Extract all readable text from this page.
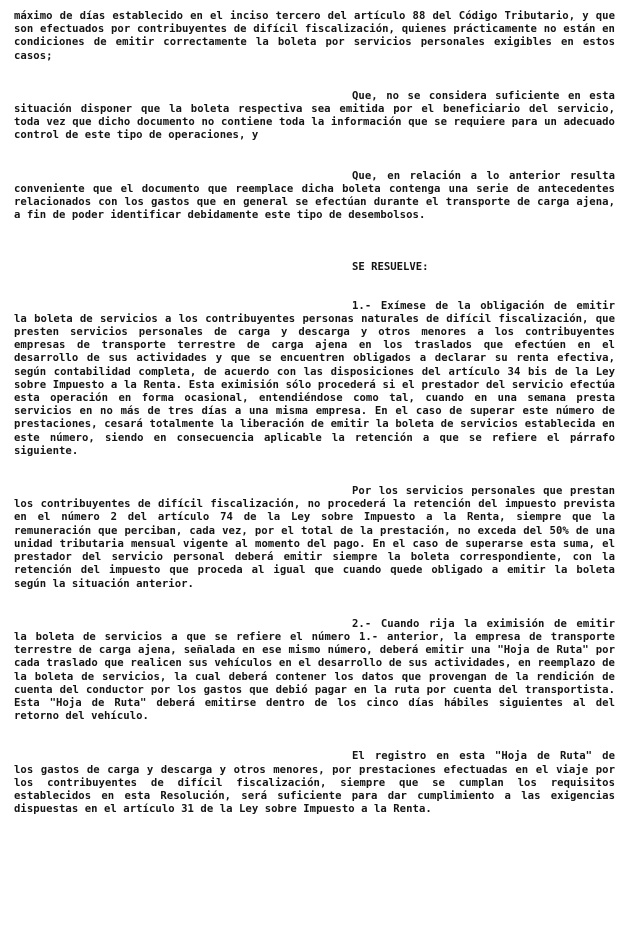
máximo de días establecido en el inciso tercero del artículo 88 del Código Tributario, y que son efectuados por contribuyentes de difícil fiscalización, quienes prácticamente no están en condiciones de emitir correctamente la boleta por servicios personales exigibles en estos casos;

Que, no se considera suficiente en esta situación disponer que la boleta respectiva sea emitida por el beneficiario del servicio, toda vez que dicho documento no contiene toda la información que se requiere para un adecuado control de este tipo de operaciones, y

Que, en relación a lo anterior resulta conveniente que el documento que reemplace dicha boleta contenga una serie de antecedentes relacionados con los gastos que en general se efectúan durante el transporte de carga ajena, a fin de poder identificar debidamente este tipo de desembolsos.

SE RESUELVE:

1.- Exímese de la obligación de emitir la boleta de servicios a los contribuyentes personas naturales de difícil fiscalización, que presten servicios personales de carga y descarga y otros menores a los contribuyentes empresas de transporte terrestre de carga ajena en los traslados que efectúen en el desarrollo de sus actividades y que se encuentren obligados a declarar su renta efectiva, según contabilidad completa, de acuerdo con las disposiciones del artículo 34 bis de la Ley sobre Impuesto a la Renta. Esta eximisión sólo procederá si el prestador del servicio efectúa esta operación en forma ocasional, entendiéndose como tal, cuando en una semana presta servicios en no más de tres días a una misma empresa. En el caso de superar este número de prestaciones, cesará totalmente la liberación de emitir la boleta de servicios establecida en este número, siendo en consecuencia aplicable la retención a que se refiere el párrafo siguiente.

Por los servicios personales que prestan los contribuyentes de difícil fiscalización, no procederá la retención del impuesto prevista en el número 2 del artículo 74 de la Ley sobre Impuesto a la Renta, siempre que la remuneración que perciban, cada vez, por el total de la prestación, no exceda del 50% de una unidad tributaria mensual vigente al momento del pago. En el caso de superarse esta suma, el prestador del servicio personal deberá emitir siempre la boleta correspondiente, con la retención del impuesto que proceda al igual que cuando quede obligado a emitir la boleta según la situación anterior.

2.- Cuando rija la eximisión de emitir la boleta de servicios a que se refiere el número 1.- anterior, la empresa de transporte terrestre de carga ajena, señalada en ese mismo número, deberá emitir una "Hoja de Ruta" por cada traslado que realicen sus vehículos en el desarrollo de sus actividades, en reemplazo de la boleta de servicios, la cual deberá contener los datos que provengan de la rendición de cuenta del conductor por los gastos que debió pagar en la ruta por cuenta del transportista. Esta "Hoja de Ruta" deberá emitirse dentro de los cinco días hábiles siguientes al del retorno del vehículo.

El registro en esta "Hoja de Ruta" de los gastos de carga y descarga y otros menores, por prestaciones efectuadas en el viaje por los contribuyentes de difícil fiscalización, siempre que se cumplan los requisitos establecidos en esta Resolución, será suficiente para dar cumplimiento a las exigencias dispuestas en el artículo 31 de la Ley sobre Impuesto a la Renta.
